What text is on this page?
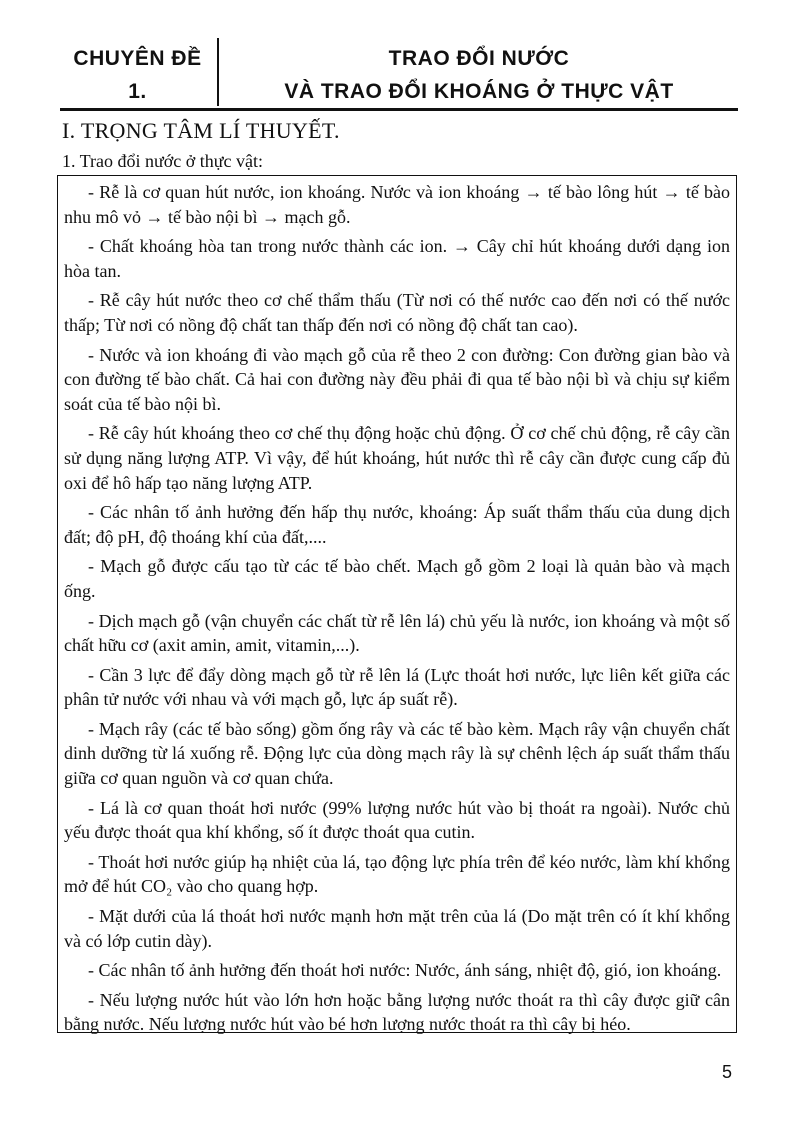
CHUYÊN ĐỀ
1.
TRAO ĐỔI NƯỚC
VÀ TRAO ĐỔI KHOÁNG Ở THỰC VẬT
I. TRỌNG TÂM LÍ THUYẾT.
1. Trao đổi nước ở thực vật:

- Rễ là cơ quan hút nước, ion khoáng. Nước và ion khoáng → tế bào lông hút → tế bào nhu mô vỏ → tế bào nội bì → mạch gỗ.

- Chất khoáng hòa tan trong nước thành các ion. → Cây chỉ hút khoáng dưới dạng ion hòa tan.

- Rễ cây hút nước theo cơ chế thẩm thấu (Từ nơi có thế nước cao đến nơi có thế nước thấp; Từ nơi có nồng độ chất tan thấp đến nơi có nồng độ chất tan cao).

- Nước và ion khoáng đi vào mạch gỗ của rễ theo 2 con đường: Con đường gian bào và con đường tế bào chất. Cả hai con đường này đều phải đi qua tế bào nội bì và chịu sự kiểm soát của tế bào nội bì.

- Rễ cây hút khoáng theo cơ chế thụ động hoặc chủ động. Ở cơ chế chủ động, rễ cây cần sử dụng năng lượng ATP. Vì vậy, để hút khoáng, hút nước thì rễ cây cần được cung cấp đủ oxi để hô hấp tạo năng lượng ATP.

- Các nhân tố ảnh hưởng đến hấp thụ nước, khoáng: Áp suất thẩm thấu của dung dịch đất; độ pH, độ thoáng khí của đất,....

- Mạch gỗ được cấu tạo từ các tế bào chết. Mạch gỗ gồm 2 loại là quản bào và mạch ống.

- Dịch mạch gỗ (vận chuyển các chất từ rễ lên lá) chủ yếu là nước, ion khoáng và một số chất hữu cơ (axit amin, amit, vitamin,...).

- Cần 3 lực để đẩy dòng mạch gỗ từ rễ lên lá (Lực thoát hơi nước, lực liên kết giữa các phân tử nước với nhau và với mạch gỗ, lực áp suất rễ).

- Mạch rây (các tế bào sống) gồm ống rây và các tế bào kèm. Mạch rây vận chuyển chất dinh dưỡng từ lá xuống rễ. Động lực của dòng mạch rây là sự chênh lệch áp suất thẩm thấu giữa cơ quan nguồn và cơ quan chứa.

- Lá là cơ quan thoát hơi nước (99% lượng nước hút vào bị thoát ra ngoài). Nước chủ yếu được thoát qua khí khổng, số ít được thoát qua cutin.

- Thoát hơi nước giúp hạ nhiệt của lá, tạo động lực phía trên để kéo nước, làm khí khổng mở để hút CO₂ vào cho quang hợp.

- Mặt dưới của lá thoát hơi nước mạnh hơn mặt trên của lá (Do mặt trên có ít khí khổng và có lớp cutin dày).

- Các nhân tố ảnh hưởng đến thoát hơi nước: Nước, ánh sáng, nhiệt độ, gió, ion khoáng.

- Nếu lượng nước hút vào lớn hơn hoặc bằng lượng nước thoát ra thì cây được giữ cân bằng nước. Nếu lượng nước hút vào bé hơn lượng nước thoát ra thì cây bị héo.

5
